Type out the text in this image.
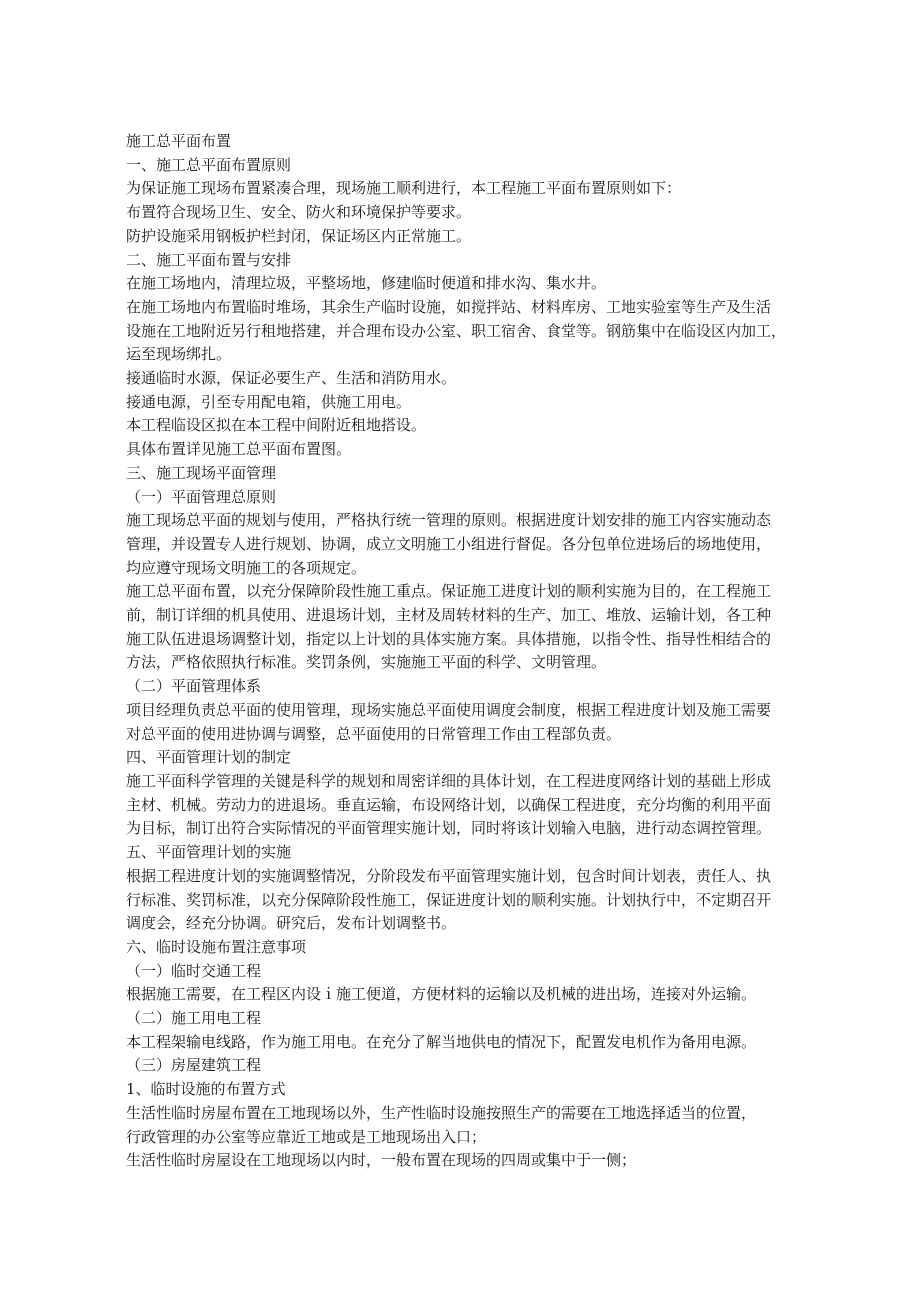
施工总平面布置

一、施工总平面布置原则

为保证施工现场布置紧凑合理，现场施工顺利进行，本工程施工平面布置原则如下：

布置符合现场卫生、安全、防火和环境保护等要求。

防护设施采用钢板护栏封闭，保证场区内正常施工。

二、施工平面布置与安排

在施工场地内，清理垃圾，平整场地，修建临时便道和排水沟、集水井。

在施工场地内布置临时堆场，其余生产临时设施，如搅拌站、材料库房、工地实验室等生产及生活

设施在工地附近另行租地搭建，并合理布设办公室、职工宿舍、食堂等。钢筋集中在临设区内加工，

运至现场绑扎。

接通临时水源，保证必要生产、生活和消防用水。

接通电源，引至专用配电箱，供施工用电。

本工程临设区拟在本工程中间附近租地搭设。

具体布置详见施工总平面布置图。

三、施工现场平面管理

（一）平面管理总原则

施工现场总平面的规划与使用，严格执行统一管理的原则。根据进度计划安排的施工内容实施动态

管理，并设置专人进行规划、协调，成立文明施工小组进行督促。各分包单位进场后的场地使用，

均应遵守现场文明施工的各项规定。

施工总平面布置，以充分保障阶段性施工重点。保证施工进度计划的顺利实施为目的，在工程施工

前，制订详细的机具使用、进退场计划，主材及周转材料的生产、加工、堆放、运输计划，各工种

施工队伍进退场调整计划，指定以上计划的具体实施方案。具体措施，以指令性、指导性相结合的

方法，严格依照执行标准。奖罚条例，实施施工平面的科学、文明管理。

（二）平面管理体系

项目经理负责总平面的使用管理，现场实施总平面使用调度会制度，根据工程进度计划及施工需要

对总平面的使用进协调与调整，总平面使用的日常管理工作由工程部负责。

四、平面管理计划的制定

施工平面科学管理的关键是科学的规划和周密详细的具体计划，在工程进度网络计划的基础上形成

主材、机械。劳动力的进退场。垂直运输，布设网络计划，以确保工程进度，充分均衡的利用平面

为目标，制订出符合实际情况的平面管理实施计划，同时将该计划输入电脑，进行动态调控管理。

五、平面管理计划的实施

根据工程进度计划的实施调整情况，分阶段发布平面管理实施计划，包含时间计划表，责任人、执

行标准、奖罚标准，以充分保障阶段性施工，保证进度计划的顺利实施。计划执行中，不定期召开

调度会，经充分协调。研究后，发布计划调整书。

六、临时设施布置注意事项

（一）临时交通工程

根据施工需要，在工程区内设ｉ施工便道，方便材料的运输以及机械的进出场，连接对外运输。

（二）施工用电工程

本工程架输电线路，作为施工用电。在充分了解当地供电的情况下，配置发电机作为备用电源。

（三）房屋建筑工程

1、临时设施的布置方式

生活性临时房屋布置在工地现场以外，生产性临时设施按照生产的需要在工地选择适当的位置，

行政管理的办公室等应靠近工地或是工地现场出入口；

生活性临时房屋设在工地现场以内时，一般布置在现场的四周或集中于一侧；
